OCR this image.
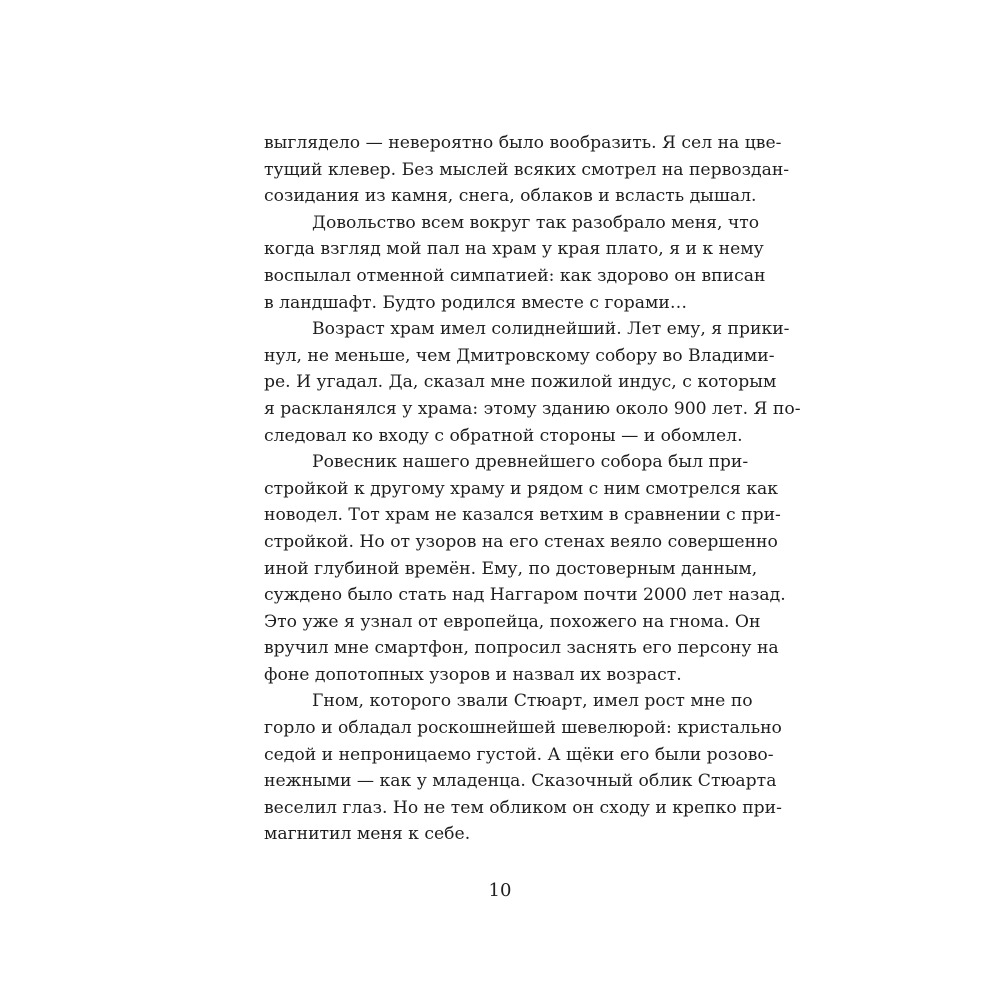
выглядело — невероятно было вообразить. Я сел на цве-
тущий клевер. Без мыслей всяких смотрел на первоздан-
созидания из камня, снега, облаков и всласть дышал.
Довольство всем вокруг так разобрало меня, что
когда взгляд мой пал на храм у края плато, я и к нему
воспылал отменной симпатией: как здорово он вписан
в ландшафт. Будто родился вместе с горами…
Возраст храм имел солиднейший. Лет ему, я прики-
нул, не меньше, чем Дмитровскому собору во Владими-
ре. И угадал. Да, сказал мне пожилой индус, с которым
я раскланялся у храма: этому зданию около 900 лет. Я по-
следовал ко входу с обратной стороны — и обомлел.
Ровесник нашего древнейшего собора был при-
стройкой к другому храму и рядом с ним смотрелся как
новодел. Тот храм не казался ветхим в сравнении с при-
стройкой. Но от узоров на его стенах веяло совершенно
иной глубиной времён. Ему, по достоверным данным,
суждено было стать над Наггаром почти 2000 лет назад.
Это уже я узнал от европейца, похожего на гнома. Он
вручил мне смартфон, попросил заснять его персону на
фоне допотопных узоров и назвал их возраст.
Гном, которого звали Стюарт, имел рост мне по
горло и обладал роскошнейшей шевелюрой: кристально
седой и непроницаемо густой. А щёки его были розово-
нежными — как у младенца. Сказочный облик Стюарта
веселил глаз. Но не тем обликом он сходу и крепко при-
магнитил меня к себе.
10
